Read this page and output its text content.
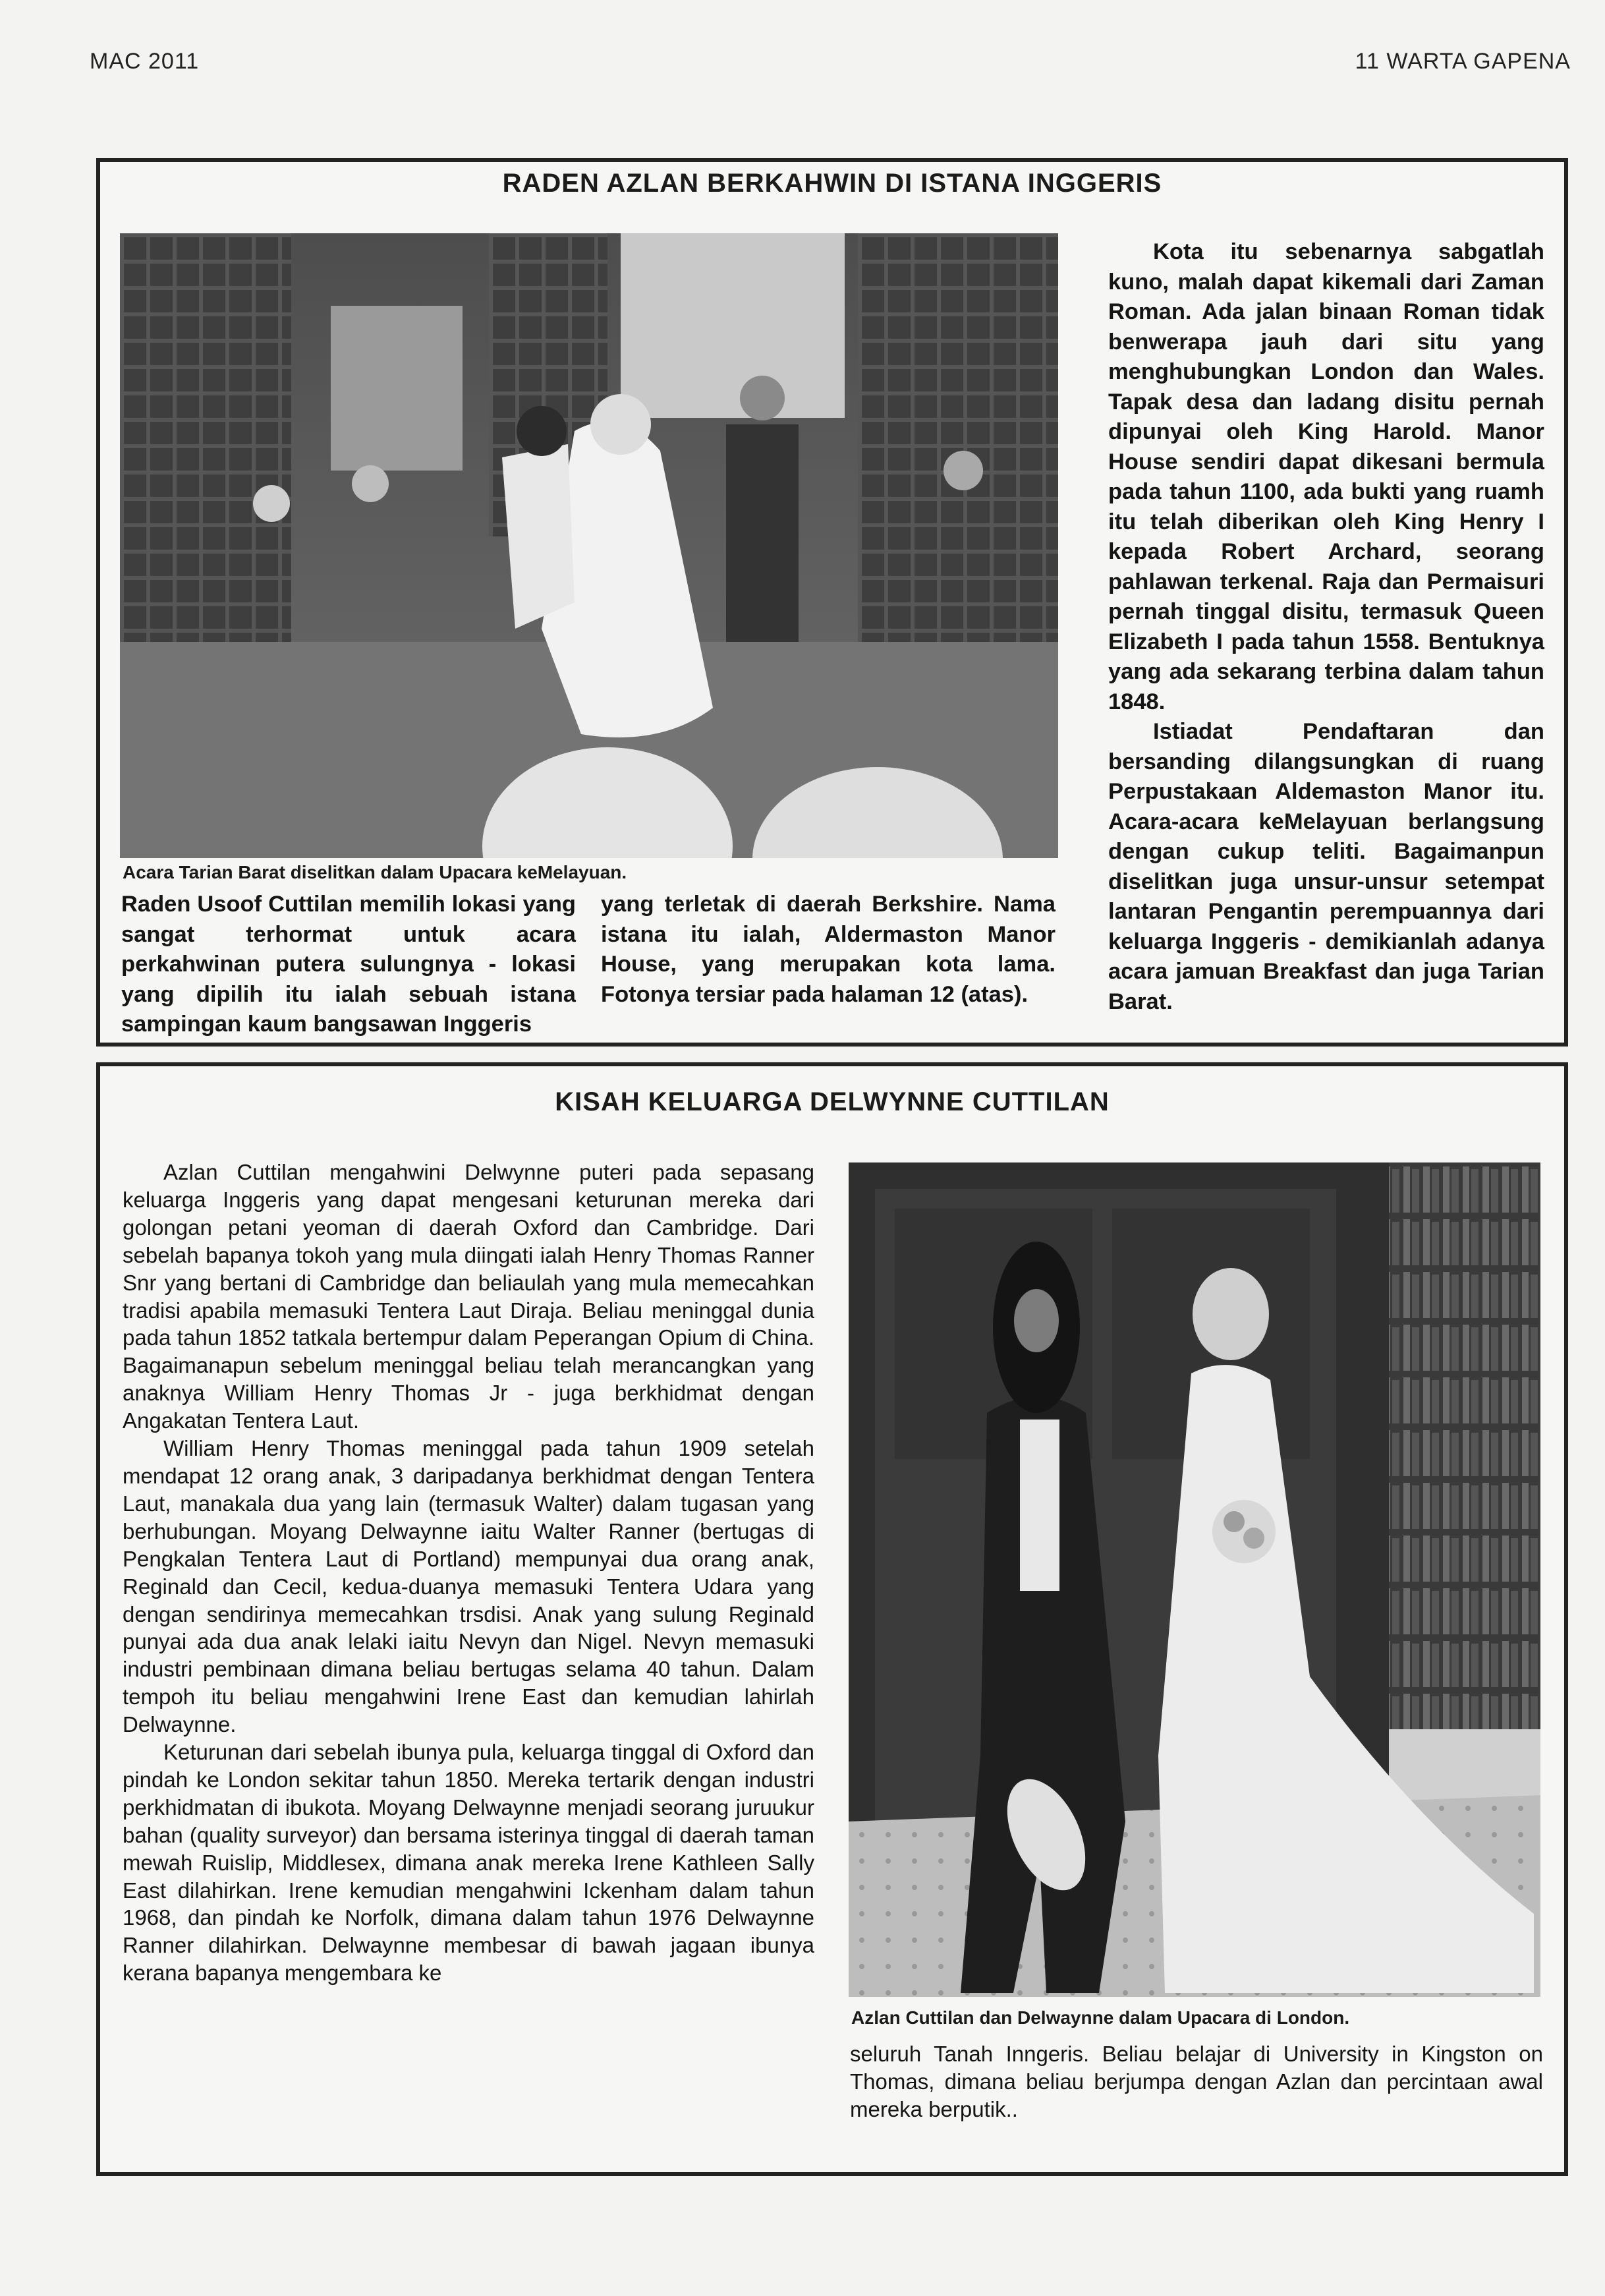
MAC 2011	11 WARTA GAPENA
RADEN AZLAN BERKAHWIN DI ISTANA INGGERIS
Acara Tarian Barat diselitkan dalam Upacara keMelayuan.

Raden Usoof Cuttilan memilih lokasi yang sangat terhormat untuk acara perkahwinan putera sulungnya - lokasi yang dipilih itu ialah sebuah istana sampingan kaum bangsawan Inggeris

yang terletak di daerah Berkshire. Nama istana itu ialah, Aldermaston Manor House, yang merupakan kota lama. Fotonya tersiar pada halaman 12 (atas).

Kota itu sebenarnya sabgatlah kuno, malah dapat kikemali dari Zaman Roman. Ada jalan binaan Roman tidak benwerapa jauh dari situ yang menghubungkan London dan Wales. Tapak desa dan ladang disitu pernah dipunyai oleh King Harold. Manor House sendiri dapat dikesani bermula pada tahun 1100, ada bukti yang ruamh itu telah diberikan oleh King Henry I kepada Robert Archard, seorang pahlawan terkenal. Raja dan Permaisuri pernah tinggal disitu, termasuk Queen Elizabeth I pada tahun 1558. Bentuknya yang ada sekarang terbina dalam tahun 1848.

Istiadat Pendaftaran dan bersanding dilangsungkan di ruang Perpustakaan Aldemaston Manor itu. Acara-acara keMelayuan berlangsung dengan cukup teliti. Bagaimanpun diselitkan juga unsur-unsur setempat lantaran Pengantin perempuannya dari keluarga Inggeris - demikianlah adanya acara jamuan Breakfast dan juga Tarian Barat.

KISAH KELUARGA DELWYNNE CUTTILAN

Azlan Cuttilan mengahwini Delwynne puteri pada sepasang keluarga Inggeris yang dapat mengesani keturunan mereka dari golongan petani yeoman di daerah Oxford dan Cambridge. Dari sebelah bapanya tokoh yang mula diingati ialah Henry Thomas Ranner Snr yang bertani di Cambridge dan beliaulah yang mula memecahkan tradisi apabila memasuki Tentera Laut Diraja. Beliau meninggal dunia pada tahun 1852 tatkala bertempur dalam Peperangan Opium di China. Bagaimanapun sebelum meninggal beliau telah merancangkan yang anaknya William Henry Thomas Jr - juga berkhidmat dengan Angakatan Tentera Laut.

William Henry Thomas meninggal pada tahun 1909 setelah mendapat 12 orang anak, 3 daripadanya berkhidmat dengan Tentera Laut, manakala dua yang lain (termasuk Walter) dalam tugasan yang berhubungan. Moyang Delwaynne iaitu Walter Ranner (bertugas di Pengkalan Tentera Laut di Portland) mempunyai dua orang anak, Reginald dan Cecil, kedua-duanya memasuki Tentera Udara yang dengan sendirinya memecahkan trsdisi. Anak yang sulung Reginald punyai ada dua anak lelaki iaitu Nevyn dan Nigel. Nevyn memasuki industri pembinaan dimana beliau bertugas selama 40 tahun. Dalam tempoh itu beliau mengahwini Irene East dan kemudian lahirlah Delwaynne.

Keturunan dari sebelah ibunya pula, keluarga tinggal di Oxford dan pindah ke London sekitar tahun 1850. Mereka tertarik dengan industri perkhidmatan di ibukota. Moyang Delwaynne menjadi seorang juruukur bahan (quality surveyor) dan bersama isterinya tinggal di daerah taman mewah Ruislip, Middlesex, dimana anak mereka Irene Kathleen Sally East dilahirkan. Irene kemudian mengahwini Ickenham dalam tahun 1968, dan pindah ke Norfolk, dimana dalam tahun 1976 Delwaynne Ranner dilahirkan. Delwaynne membesar di bawah jagaan ibunya kerana bapanya mengembara ke

Azlan Cuttilan dan Delwaynne dalam Upacara di London.

seluruh Tanah Inngeris. Beliau belajar di University in Kingston on Thomas, dimana beliau berjumpa dengan Azlan dan percintaan awal mereka berputik..
